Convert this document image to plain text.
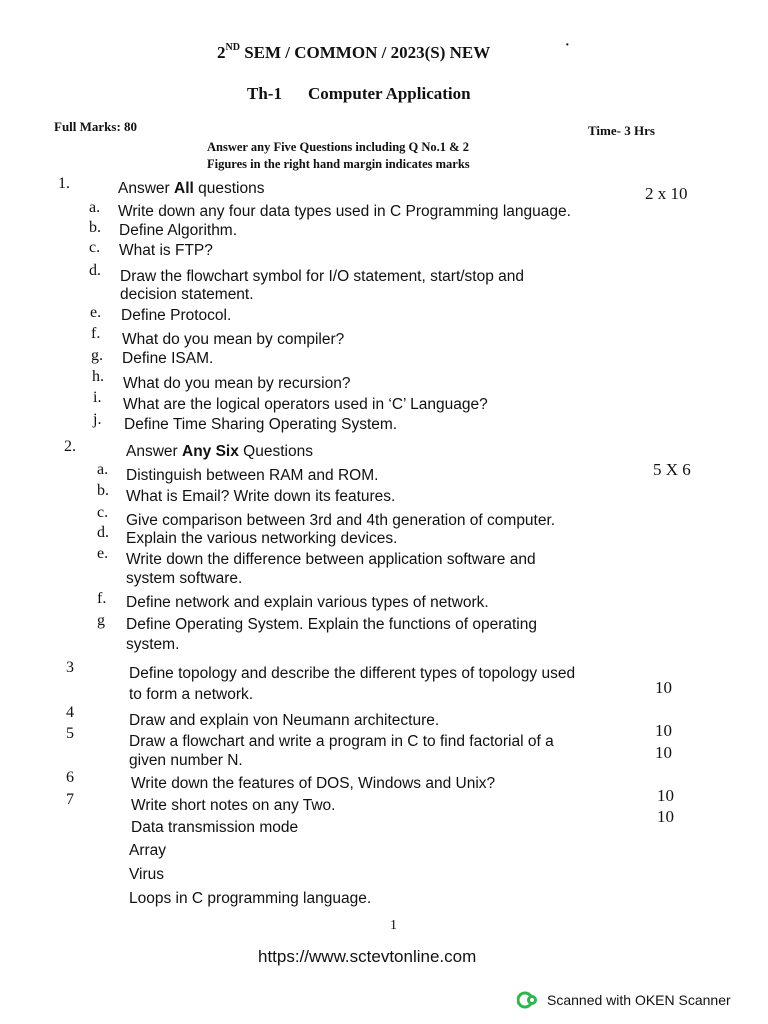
2ND SEM / COMMON / 2023(S) NEW	·
Th-1 Computer Application
Full Marks: 80	Time- 3 Hrs
Answer any Five Questions including Q No.1 & 2
Figures in the right hand margin indicates marks
1.	Answer All questions	2 x 10
a. Write down any four data types used in C Programming language.
b. Define Algorithm.
c. What is FTP?
d. Draw the flowchart symbol for I/O statement, start/stop and
decision statement.
e. Define Protocol.
f. What do you mean by compiler?
g. Define ISAM.
h. What do you mean by recursion?
i. What are the logical operators used in ‘C’ Language?
j. Define Time Sharing Operating System.
2.	Answer Any Six Questions
5 X 6
a. Distinguish between RAM and ROM.
b. What is Email? Write down its features.
c. Give comparison between 3rd and 4th generation of computer.
d. Explain the various networking devices.
e. Write down the difference between application software and
system software.
f. Define network and explain various types of network.
g Define Operating System. Explain the functions of operating
system.
3	Define topology and describe the different types of topology used
to form a network.	10
4	Draw and explain von Neumann architecture.
10
5	Draw a flowchart and write a program in C to find factorial of a
given number N.	10
6	Write down the features of DOS, Windows and Unix?
10
7	Write short notes on any Two.
10
Data transmission mode
Array
Virus
Loops in C programming language.
1
https://www.sctevtonline.com
Scanned with OKEN Scanner
